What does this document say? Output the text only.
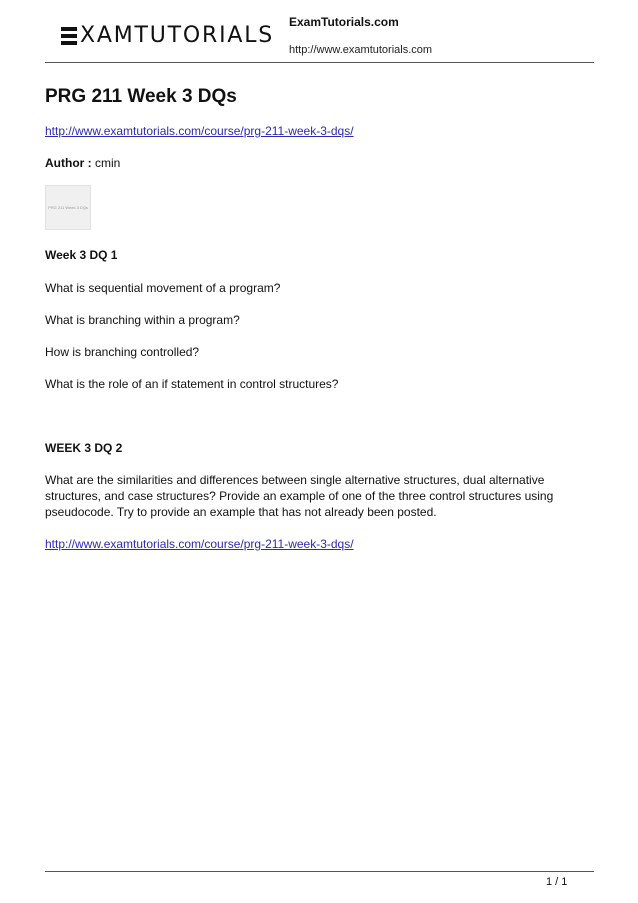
XAMTUTORIALS
ExamTutorials.com
http://www.examtutorials.com
PRG 211 Week 3 DQs
http://www.examtutorials.com/course/prg-211-week-3-dqs/
Author : cmin
PRG 211 Week 3 DQs

Week 3 DQ 1

What is sequential movement of a program?

What is branching within a program?

How is branching controlled?

What is the role of an if statement in control structures?

WEEK 3 DQ 2

What are the similarities and differences between single alternative structures, dual alternative structures, and case structures? Provide an example of one of the three control structures using pseudocode. Try to provide an example that has not already been posted.

http://www.examtutorials.com/course/prg-211-week-3-dqs/
1 / 1
